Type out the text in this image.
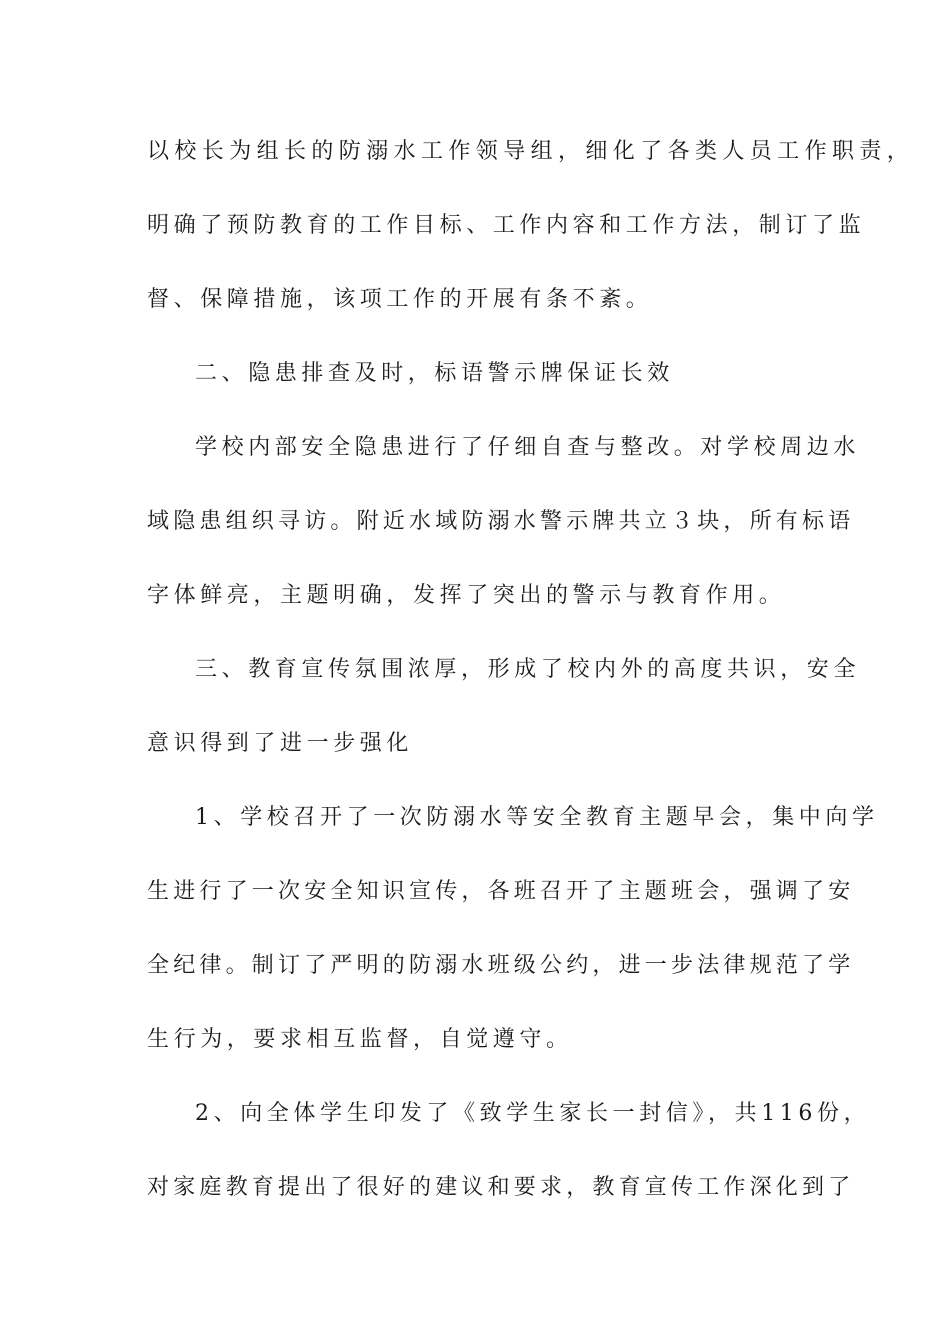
以校长为组长的防溺水工作领导组，细化了各类人员工作职责，
明确了预防教育的工作目标、工作内容和工作方法，制订了监
督、保障措施，该项工作的开展有条不紊。
二、隐患排查及时，标语警示牌保证长效
学校内部安全隐患进行了仔细自查与整改。对学校周边水
域隐患组织寻访。附近水域防溺水警示牌共立３块，所有标语
字体鲜亮，主题明确，发挥了突出的警示与教育作用。
三、教育宣传氛围浓厚，形成了校内外的高度共识，安全
意识得到了进一步强化
1、学校召开了一次防溺水等安全教育主题早会，集中向学
生进行了一次安全知识宣传，各班召开了主题班会，强调了安
全纪律。制订了严明的防溺水班级公约，进一步法律规范了学
生行为，要求相互监督，自觉遵守。
2、向全体学生印发了《致学生家长一封信》，共116份，
对家庭教育提出了很好的建议和要求，教育宣传工作深化到了
